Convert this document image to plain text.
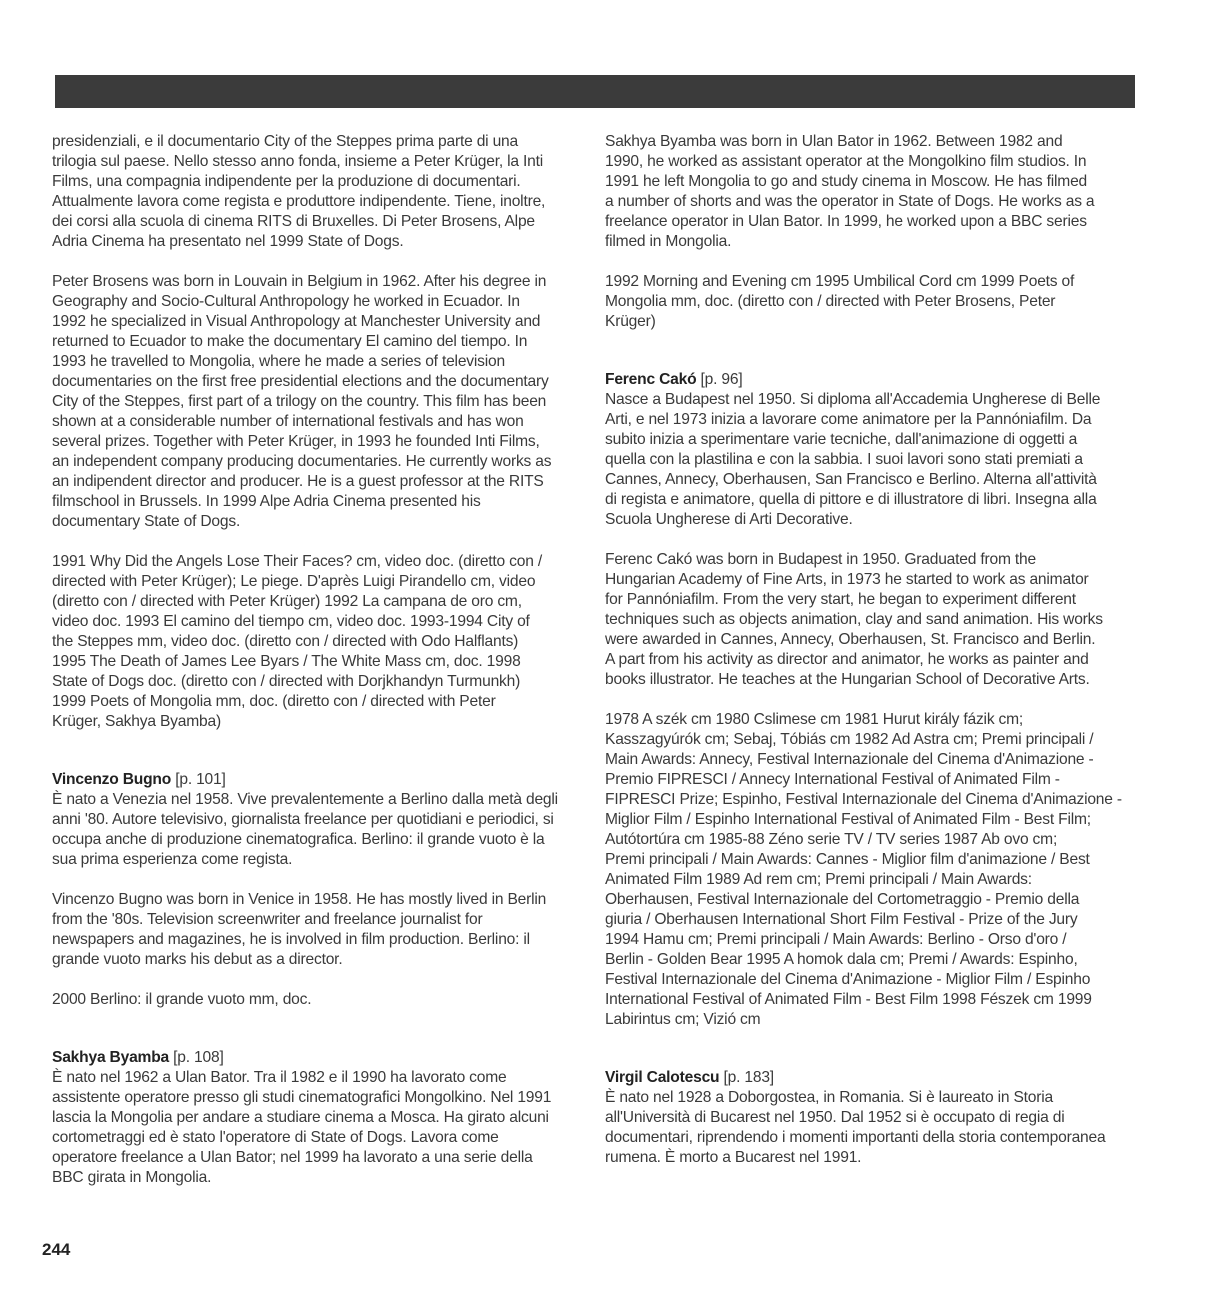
presidenziali, e il documentario City of the Steppes prima parte di una
trilogia sul paese. Nello stesso anno fonda, insieme a Peter Krüger, la Inti
Films, una compagnia indipendente per la produzione di documentari.
Attualmente lavora come regista e produttore indipendente. Tiene, inoltre,
dei corsi alla scuola di cinema RITS di Bruxelles. Di Peter Brosens, Alpe
Adria Cinema ha presentato nel 1999 State of Dogs.

Peter Brosens was born in Louvain in Belgium in 1962. After his degree in
Geography and Socio-Cultural Anthropology he worked in Ecuador. In
1992 he specialized in Visual Anthropology at Manchester University and
returned to Ecuador to make the documentary El camino del tiempo. In
1993 he travelled to Mongolia, where he made a series of television
documentaries on the first free presidential elections and the documentary
City of the Steppes, first part of a trilogy on the country. This film has been
shown at a considerable number of international festivals and has won
several prizes. Together with Peter Krüger, in 1993 he founded Inti Films,
an independent company producing documentaries. He currently works as
an indipendent director and producer. He is a guest professor at the RITS
filmschool in Brussels. In 1999 Alpe Adria Cinema presented his
documentary State of Dogs.

1991 Why Did the Angels Lose Their Faces? cm, video doc. (diretto con /
directed with Peter Krüger); Le piege. D'après Luigi Pirandello cm, video
(diretto con / directed with Peter Krüger) 1992 La campana de oro cm,
video doc. 1993 El camino del tiempo cm, video doc. 1993-1994 City of
the Steppes mm, video doc. (diretto con / directed with Odo Halflants)
1995 The Death of James Lee Byars / The White Mass cm, doc. 1998
State of Dogs doc. (diretto con / directed with Dorjkhandyn Turmunkh)
1999 Poets of Mongolia mm, doc. (diretto con / directed with Peter
Krüger, Sakhya Byamba)

Vincenzo Bugno [p. 101]

È nato a Venezia nel 1958. Vive prevalentemente a Berlino dalla metà degli
anni '80. Autore televisivo, giornalista freelance per quotidiani e periodici, si
occupa anche di produzione cinematografica. Berlino: il grande vuoto è la
sua prima esperienza come regista.

Vincenzo Bugno was born in Venice in 1958. He has mostly lived in Berlin
from the '80s. Television screenwriter and freelance journalist for
newspapers and magazines, he is involved in film production. Berlino: il
grande vuoto marks his debut as a director.

2000 Berlino: il grande vuoto mm, doc.

Sakhya Byamba [p. 108]

È nato nel 1962 a Ulan Bator. Tra il 1982 e il 1990 ha lavorato come
assistente operatore presso gli studi cinematografici Mongolkino. Nel 1991
lascia la Mongolia per andare a studiare cinema a Mosca. Ha girato alcuni
cortometraggi ed è stato l'operatore di State of Dogs. Lavora come
operatore freelance a Ulan Bator; nel 1999 ha lavorato a una serie della
BBC girata in Mongolia.

Sakhya Byamba was born in Ulan Bator in 1962. Between 1982 and
1990, he worked as assistant operator at the Mongolkino film studios. In
1991 he left Mongolia to go and study cinema in Moscow. He has filmed
a number of shorts and was the operator in State of Dogs. He works as a
freelance operator in Ulan Bator. In 1999, he worked upon a BBC series
filmed in Mongolia.

1992 Morning and Evening cm 1995 Umbilical Cord cm 1999 Poets of
Mongolia mm, doc. (diretto con / directed with Peter Brosens, Peter
Krüger)

Ferenc Cakó [p. 96]

Nasce a Budapest nel 1950. Si diploma all'Accademia Ungherese di Belle
Arti, e nel 1973 inizia a lavorare come animatore per la Pannóniafilm. Da
subito inizia a sperimentare varie tecniche, dall'animazione di oggetti a
quella con la plastilina e con la sabbia. I suoi lavori sono stati premiati a
Cannes, Annecy, Oberhausen, San Francisco e Berlino. Alterna all'attività
di regista e animatore, quella di pittore e di illustratore di libri. Insegna alla
Scuola Ungherese di Arti Decorative.

Ferenc Cakó was born in Budapest in 1950. Graduated from the
Hungarian Academy of Fine Arts, in 1973 he started to work as animator
for Pannóniafilm. From the very start, he began to experiment different
techniques such as objects animation, clay and sand animation. His works
were awarded in Cannes, Annecy, Oberhausen, St. Francisco and Berlin.
A part from his activity as director and animator, he works as painter and
books illustrator. He teaches at the Hungarian School of Decorative Arts.

1978 A szék cm 1980 Cslimese cm 1981 Hurut király fázik cm;
Kasszagyúrók cm; Sebaj, Tóbiás cm 1982 Ad Astra cm; Premi principali /
Main Awards: Annecy, Festival Internazionale del Cinema d'Animazione -
Premio FIPRESCI / Annecy International Festival of Animated Film -
FIPRESCI Prize; Espinho, Festival Internazionale del Cinema d'Animazione -
Miglior Film / Espinho International Festival of Animated Film - Best Film;
Autótortúra cm 1985-88 Zéno serie TV / TV series 1987 Ab ovo cm;
Premi principali / Main Awards: Cannes - Miglior film d'animazione / Best
Animated Film 1989 Ad rem cm; Premi principali / Main Awards:
Oberhausen, Festival Internazionale del Cortometraggio - Premio della
giuria / Oberhausen International Short Film Festival - Prize of the Jury
1994 Hamu cm; Premi principali / Main Awards: Berlino - Orso d'oro /
Berlin - Golden Bear 1995 A homok dala cm; Premi / Awards: Espinho,
Festival Internazionale del Cinema d'Animazione - Miglior Film / Espinho
International Festival of Animated Film - Best Film 1998 Fészek cm 1999
Labirintus cm; Vizió cm

Virgil Calotescu [p. 183]

È nato nel 1928 a Doborgostea, in Romania. Si è laureato in Storia
all'Università di Bucarest nel 1950. Dal 1952 si è occupato di regia di
documentari, riprendendo i momenti importanti della storia contemporanea
rumena. È morto a Bucarest nel 1991.

244
